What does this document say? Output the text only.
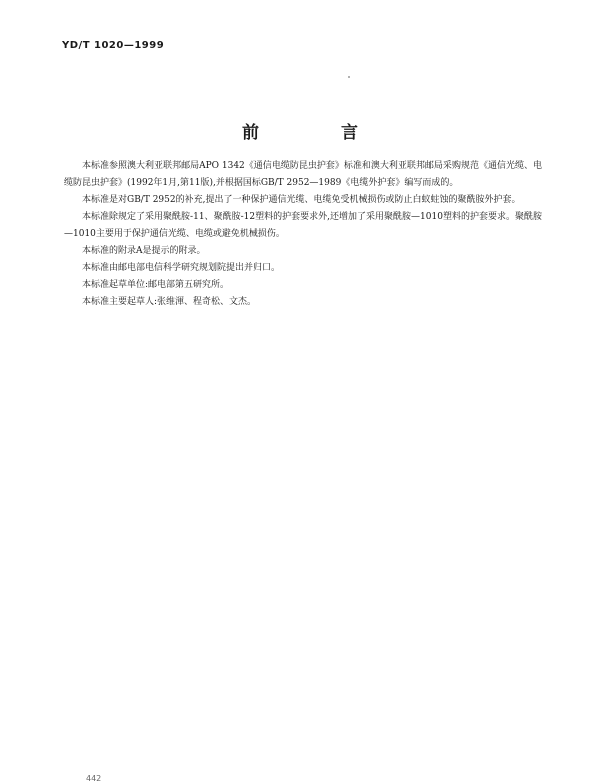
YD/T 1020—1999
前 言

本标准参照澳大利亚联邦邮局APO 1342《通信电缆防昆虫护套》标准和澳大利亚联邦邮局采购规范《通信光缆、电缆防昆虫护套》(1992年1月,第11版),并根据国标GB/T 2952—1989《电缆外护套》编写而成的。

本标准是对GB/T 2952的补充,提出了一种保护通信光缆、电缆免受机械损伤或防止白蚁蛀蚀的聚酰胺外护套。

本标准除规定了采用聚酰胺-11、聚酰胺-12塑料的护套要求外,还增加了采用聚酰胺—1010塑料的护套要求。聚酰胺—1010主要用于保护通信光缆、电缆或避免机械损伤。

本标准的附录A是提示的附录。

本标准由邮电部电信科学研究规划院提出并归口。

本标准起草单位:邮电部第五研究所。

本标准主要起草人:张维渾、程奇松、文杰。

442
